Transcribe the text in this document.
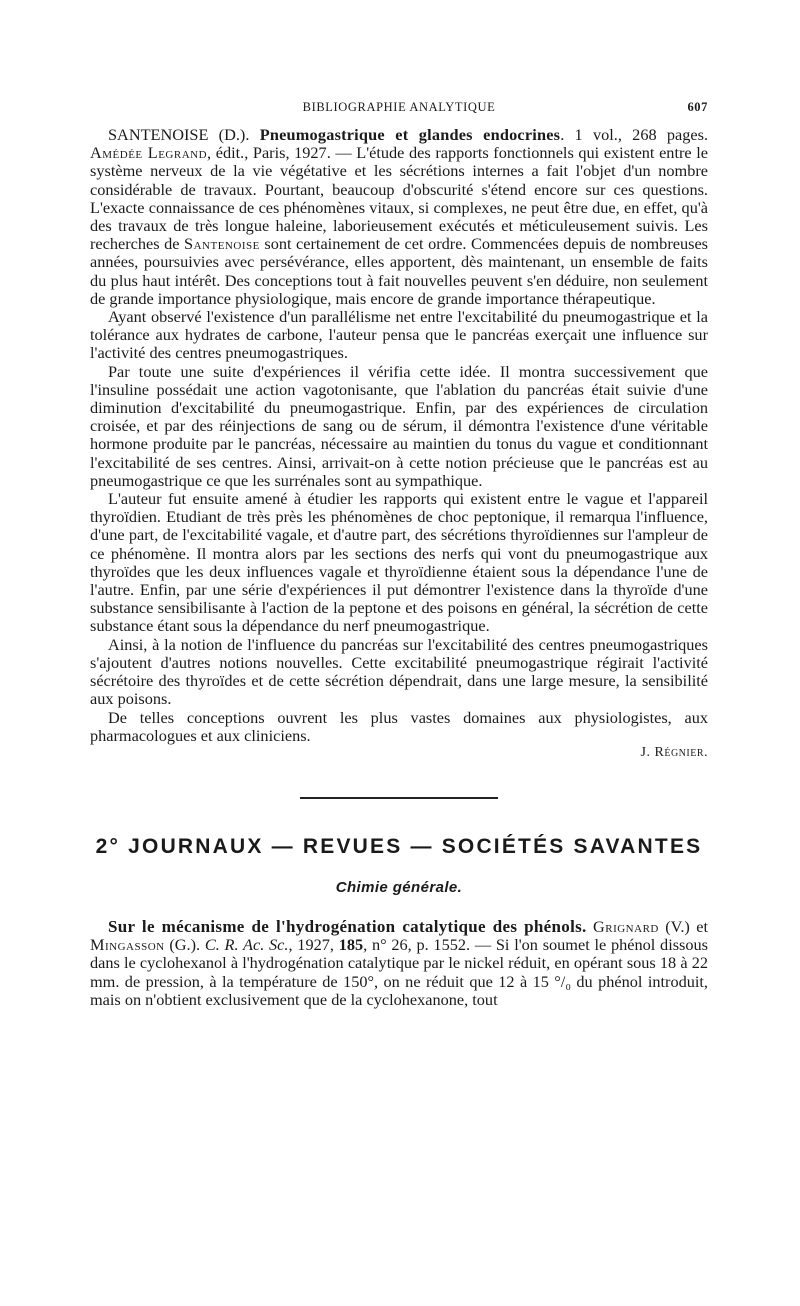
BIBLIOGRAPHIE ANALYTIQUE	607

SANTENOISE (D.). Pneumogastrique et glandes endocrines. 1 vol., 268 pages. Amédée Legrand, édit., Paris, 1927. — L'étude des rapports fonctionnels qui existent entre le système nerveux de la vie végétative et les sécrétions internes a fait l'objet d'un nombre considérable de travaux. Pourtant, beaucoup d'obscurité s'étend encore sur ces questions. L'exacte connaissance de ces phénomènes vitaux, si complexes, ne peut être due, en effet, qu'à des travaux de très longue haleine, laborieusement exécutés et méticuleusement suivis. Les recherches de Santenoise sont certainement de cet ordre. Commencées depuis de nombreuses années, poursuivies avec persévérance, elles apportent, dès maintenant, un ensemble de faits du plus haut intérêt. Des conceptions tout à fait nouvelles peuvent s'en déduire, non seulement de grande importance physiologique, mais encore de grande importance thérapeutique.

Ayant observé l'existence d'un parallélisme net entre l'excitabilité du pneumogastrique et la tolérance aux hydrates de carbone, l'auteur pensa que le pancréas exerçait une influence sur l'activité des centres pneumogastriques.

Par toute une suite d'expériences il vérifia cette idée. Il montra successivement que l'insuline possédait une action vagotonisante, que l'ablation du pancréas était suivie d'une diminution d'excitabilité du pneumogastrique. Enfin, par des expériences de circulation croisée, et par des réinjections de sang ou de sérum, il démontra l'existence d'une véritable hormone produite par le pancréas, nécessaire au maintien du tonus du vague et conditionnant l'excitabilité de ses centres. Ainsi, arrivait-on à cette notion précieuse que le pancréas est au pneumogastrique ce que les surrénales sont au sympathique.

L'auteur fut ensuite amené à étudier les rapports qui existent entre le vague et l'appareil thyroïdien. Etudiant de très près les phénomènes de choc peptonique, il remarqua l'influence, d'une part, de l'excitabilité vagale, et d'autre part, des sécrétions thyroïdiennes sur l'ampleur de ce phénomène. Il montra alors par les sections des nerfs qui vont du pneumogastrique aux thyroïdes que les deux influences vagale et thyroïdienne étaient sous la dépendance l'une de l'autre. Enfin, par une série d'expériences il put démontrer l'existence dans la thyroïde d'une substance sensibilisante à l'action de la peptone et des poisons en général, la sécrétion de cette substance étant sous la dépendance du nerf pneumogastrique.

Ainsi, à la notion de l'influence du pancréas sur l'excitabilité des centres pneumogastriques s'ajoutent d'autres notions nouvelles. Cette excitabilité pneumogastrique régirait l'activité sécrétoire des thyroïdes et de cette sécrétion dépendrait, dans une large mesure, la sensibilité aux poisons.

De telles conceptions ouvrent les plus vastes domaines aux physiologistes, aux pharmacologues et aux cliniciens.

J. Régnier.
2° JOURNAUX — REVUES — SOCIÉTÉS SAVANTES
Chimie générale.

Sur le mécanisme de l'hydrogénation catalytique des phénols. Grignard (V.) et Mingasson (G.). C. R. Ac. Sc., 1927, 185, n° 26, p. 1552. — Si l'on soumet le phénol dissous dans le cyclohexanol à l'hydrogénation catalytique par le nickel réduit, en opérant sous 18 à 22 mm. de pression, à la température de 150°, on ne réduit que 12 à 15 °/₀ du phénol introduit, mais on n'obtient exclusivement que de la cyclohexanone, tout
